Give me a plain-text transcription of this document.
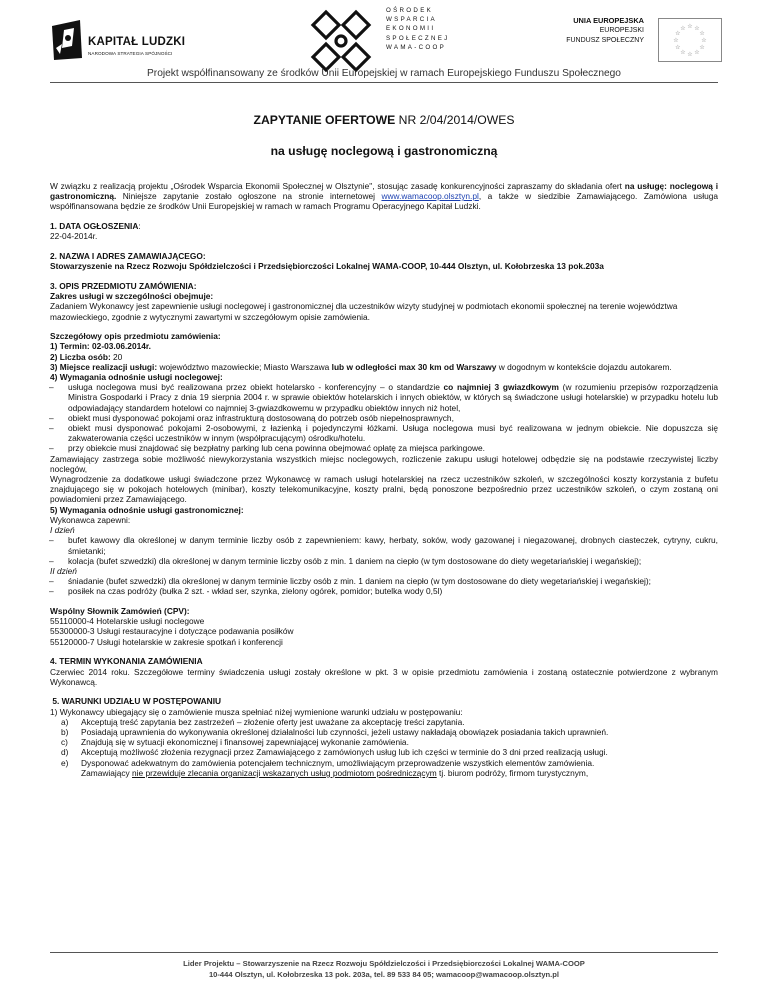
KAPITAŁ LUDZKI
NARODOWA STRATEGIA SPÓJNOŚCI
OŚRODEK
WSPARCIA
EKONOMII
SPOŁECZNEJ
WAMA-COOP
UNIA EUROPEJSKA
EUROPEJSKI
FUNDUSZ SPOŁECZNY	☆
☆
☆
☆
☆
☆
☆
☆
☆ ☆ ☆
☆
Projekt współfinansowany ze środków Unii Europejskiej w ramach Europejskiego Funduszu Społecznego

ZAPYTANIE OFERTOWE NR 2/04/2014/OWES

na usługę noclegową i gastronomiczną

W związku z realizacją projektu „Ośrodek Wsparcia Ekonomii Społecznej w Olsztynie", stosując zasadę konkurencyjności zapraszamy do składania ofert na usługę: noclegową i gastronomiczną. Niniejsze zapytanie zostało ogłoszone na stronie internetowej www.wamacoop.olsztyn.pl, a także w siedzibie Zamawiającego. Zamówiona usługa współfinansowana będzie ze środków Unii Europejskiej w ramach w ramach Programu Operacyjnego Kapitał Ludzki.

1. DATA OGŁOSZENIA:

22-04-2014r.

2. NAZWA I ADRES ZAMAWIAJĄCEGO:

Stowarzyszenie na Rzecz Rozwoju Spółdzielczości i Przedsiębiorczości Lokalnej WAMA-COOP, 10-444 Olsztyn, ul. Kołobrzeska 13 pok.203a

3. OPIS PRZEDMIOTU ZAMÓWIENIA:

Zakres usługi w szczególności obejmuje:

Zadaniem Wykonawcy jest zapewnienie usługi noclegowej i gastronomicznej dla uczestników wizyty studyjnej w podmiotach ekonomii społecznej na terenie województwa mazowieckiego, zgodnie z wytycznymi zawartymi w szczegółowym opisie zamówienia.

Szczegółowy opis przedmiotu zamówienia:

1) Termin: 02-03.06.2014r.

2) Liczba osób: 20

3) Miejsce realizacji usługi: województwo mazowieckie; Miasto Warszawa lub w odległości max 30 km od Warszawy w dogodnym w kontekście dojazdu autokarem.

4) Wymagania odnośnie usługi noclegowej:

– usługa noclegowa musi być realizowana przez obiekt hotelarsko - konferencyjny – o standardzie co najmniej 3 gwiazdkowym (w rozumieniu przepisów rozporządzenia Ministra Gospodarki i Pracy z dnia 19 sierpnia 2004 r. w sprawie obiektów hotelarskich i innych obiektów, w których są świadczone usługi hotelarskie) w przypadku hotelu lub odpowiadający standardem hotelowi co najmniej 3-gwiazdkowemu w przypadku obiektów innych niż hotel,
– obiekt musi dysponować pokojami oraz infrastrukturą dostosowaną do potrzeb osób niepełnosprawnych,
– obiekt musi dysponować pokojami 2-osobowymi, z łazienką i pojedynczymi łóżkami. Usługa noclegowa musi być realizowana w jednym obiekcie. Nie dopuszcza się zakwaterowania części uczestników w innym (współpracującym) ośrodku/hotelu.
– przy obiekcie musi znajdować się bezpłatny parking lub cena powinna obejmować opłatę za miejsca parkingowe.

Zamawiający zastrzega sobie możliwość niewykorzystania wszystkich miejsc noclegowych, rozliczenie zakupu usługi hotelowej odbędzie się na podstawie rzeczywistej liczby noclegów,

Wynagrodzenie za dodatkowe usługi świadczone przez Wykonawcę w ramach usługi hotelarskiej na rzecz uczestników szkoleń, w szczególności koszty korzystania z bufetu znajdującego się w pokojach hotelowych (minibar), koszty telekomunikacyjne, koszty pralni, będą ponoszone bezpośrednio przez uczestników szkoleń, o czym zostaną oni powiadomieni przez Zamawiającego.

5) Wymagania odnośnie usługi gastronomicznej:

Wykonawca zapewni:

I dzień

– bufet kawowy dla określonej w danym terminie liczby osób z zapewnieniem: kawy, herbaty, soków, wody gazowanej i niegazowanej, drobnych ciasteczek, cytryny, cukru, śmietanki;
– kolacja (bufet szwedzki) dla określonej w danym terminie liczby osób z min. 1 daniem na ciepło (w tym dostosowane do diety wegetariańskiej i wegańskiej);

II dzień

– śniadanie (bufet szwedzki) dla określonej w danym terminie liczby osób z min. 1 daniem na ciepło (w tym dostosowane do diety wegetariańskiej i wegańskiej);
– posiłek na czas podróży (bułka 2 szt. - wkład ser, szynka, zielony ogórek, pomidor; butelka wody 0,5l)

Wspólny Słownik Zamówień (CPV):

55110000-4 Hotelarskie usługi noclegowe

55300000-3 Usługi restauracyjne i dotyczące podawania posiłków

55120000-7 Usługi hotelarskie w zakresie spotkań i konferencji

4. TERMIN WYKONANIA ZAMÓWIENIA

Czerwiec 2014 roku. Szczegółowe terminy świadczenia usługi zostały określone w pkt. 3 w opisie przedmiotu zamówienia i zostaną ostatecznie potwierdzone z wybranym Wykonawcą.

5. WARUNKI UDZIAŁU W POSTĘPOWANIU

1) Wykonawcy ubiegający się o zamówienie musza spełniać niżej wymienione warunki udziału w postępowaniu:

a) Akceptują treść zapytania bez zastrzeżeń – złożenie oferty jest uważane za akceptację treści zapytania.
b) Posiadają uprawnienia do wykonywania określonej działalności lub czynności, jeżeli ustawy nakładają obowiązek posiadania takich uprawnień.
c) Znajdują się w sytuacji ekonomicznej i finansowej zapewniającej wykonanie zamówienia.
d) Akceptują możliwość złożenia rezygnacji przez Zamawiającego z zamówionych usług lub ich części w terminie do 3 dni przed realizacją usługi.
e) Dysponować adekwatnym do zamówienia potencjałem technicznym, umożliwiającym przeprowadzenie wszystkich elementów zamówienia.
Zamawiający nie przewiduje zlecania organizacji wskazanych usług podmiotom pośredniczącym tj. biurom podróży, firmom turystycznym,
Lider Projektu – Stowarzyszenie na Rzecz Rozwoju Spółdzielczości i Przedsiębiorczości Lokalnej WAMA-COOP
10-444 Olsztyn, ul. Kołobrzeska 13 pok. 203a, tel. 89 533 84 05; wamacoop@wamacoop.olsztyn.pl
